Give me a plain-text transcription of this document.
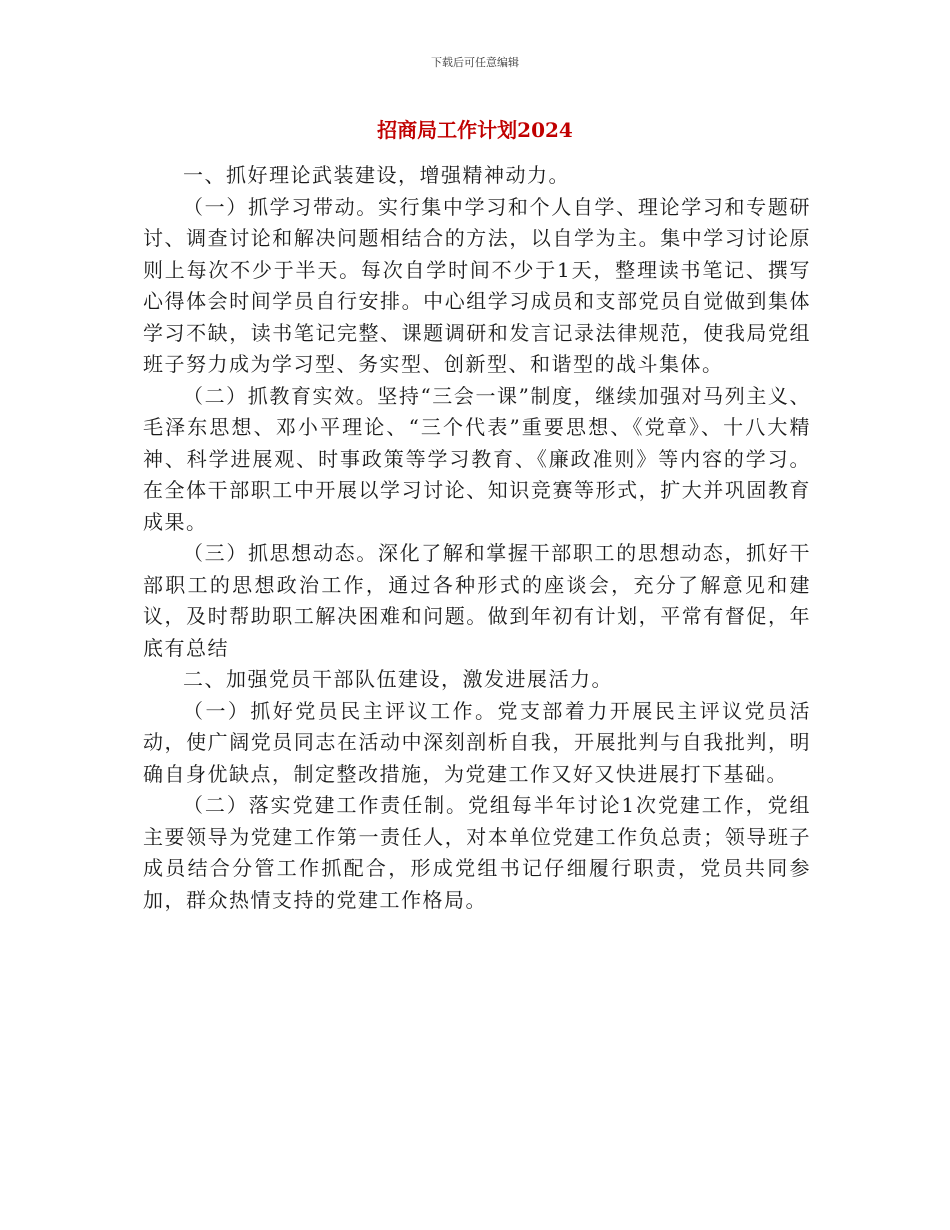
下载后可任意编辑
招商局工作计划2024

一、抓好理论武装建设，增强精神动力。

（一）抓学习带动。实行集中学习和个人自学、理论学习和专题研讨、调查讨论和解决问题相结合的方法，以自学为主。集中学习讨论原则上每次不少于半天。每次自学时间不少于1天，整理读书笔记、撰写心得体会时间学员自行安排。中心组学习成员和支部党员自觉做到集体学习不缺，读书笔记完整、课题调研和发言记录法律规范，使我局党组班子努力成为学习型、务实型、创新型、和谐型的战斗集体。

（二）抓教育实效。坚持“三会一课”制度，继续加强对马列主义、毛泽东思想、邓小平理论、“三个代表”重要思想、《党章》、十八大精神、科学进展观、时事政策等学习教育、《廉政准则》等内容的学习。在全体干部职工中开展以学习讨论、知识竞赛等形式，扩大并巩固教育成果。

（三）抓思想动态。深化了解和掌握干部职工的思想动态，抓好干部职工的思想政治工作，通过各种形式的座谈会，充分了解意见和建议，及时帮助职工解决困难和问题。做到年初有计划，平常有督促，年底有总结

二、加强党员干部队伍建设，激发进展活力。

（一）抓好党员民主评议工作。党支部着力开展民主评议党员活动，使广阔党员同志在活动中深刻剖析自我，开展批判与自我批判，明确自身优缺点，制定整改措施，为党建工作又好又快进展打下基础。

（二）落实党建工作责任制。党组每半年讨论1次党建工作，党组主要领导为党建工作第一责任人，对本单位党建工作负总责；领导班子成员结合分管工作抓配合，形成党组书记仔细履行职责，党员共同参加，群众热情支持的党建工作格局。
